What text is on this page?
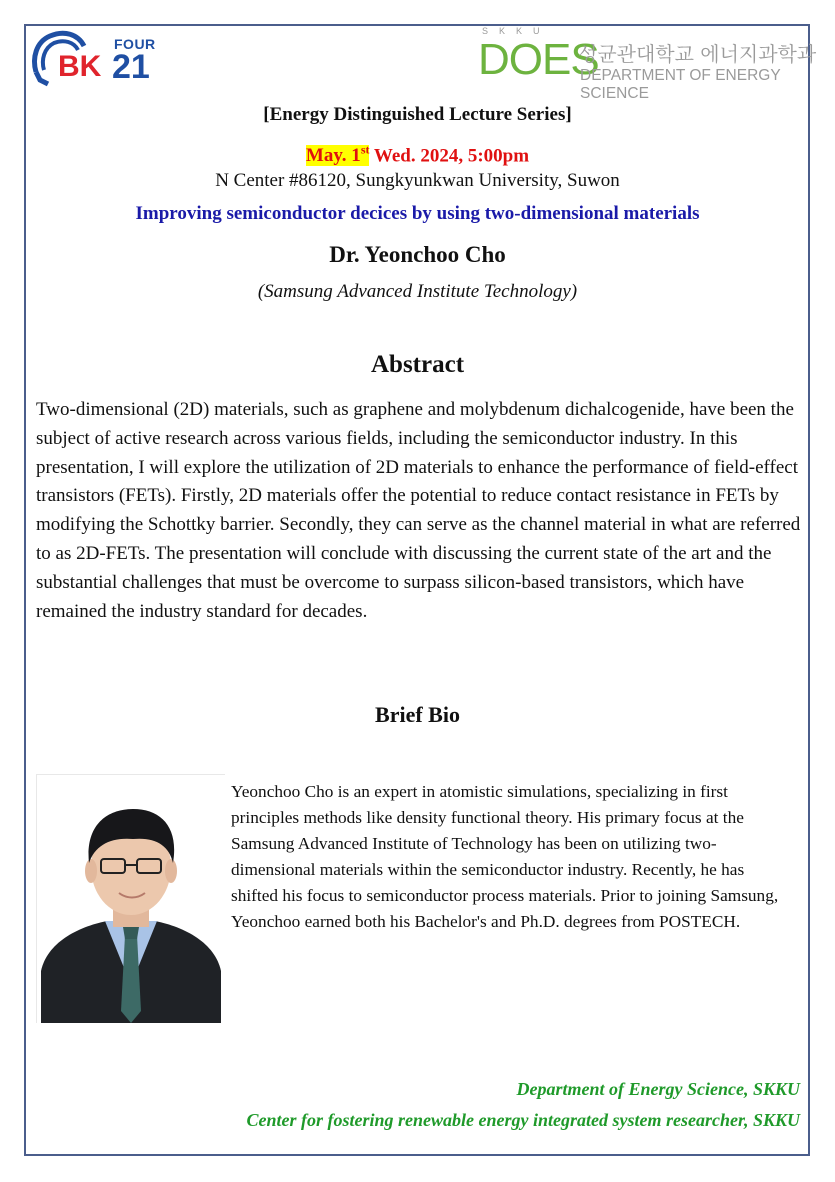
FOUR
BK 21
SKKU
DOES
성균관대학교 에너지과학과
DEPARTMENT OF ENERGY SCIENCE
[Energy Distinguished Lecture Series]
May. 1st Wed. 2024, 5:00pm
N Center #86120, Sungkyunkwan University, Suwon
Improving semiconductor decices by using two-dimensional materials
Dr. Yeonchoo Cho
(Samsung Advanced Institute Technology)
Abstract
Two-dimensional (2D) materials, such as graphene and molybdenum dichalcogenide, have been the subject of active research across various fields, including the semiconductor industry. In this presentation, I will explore the utilization of 2D materials to enhance the performance of field-effect transistors (FETs). Firstly, 2D materials offer the potential to reduce contact resistance in FETs by modifying the Schottky barrier. Secondly, they can serve as the channel material in what are referred to as 2D-FETs. The presentation will conclude with discussing the current state of the art and the substantial challenges that must be overcome to surpass silicon-based transistors, which have remained the industry standard for decades.
Brief Bio
Yeonchoo Cho is an expert in atomistic simulations, specializing in first principles methods like density functional theory. His primary focus at the Samsung Advanced Institute of Technology has been on utilizing two-dimensional materials within the semiconductor industry. Recently, he has shifted his focus to semiconductor process materials. Prior to joining Samsung, Yeonchoo earned both his Bachelor's and Ph.D. degrees from POSTECH.
Department of Energy Science, SKKU
Center for fostering renewable energy integrated system researcher, SKKU
